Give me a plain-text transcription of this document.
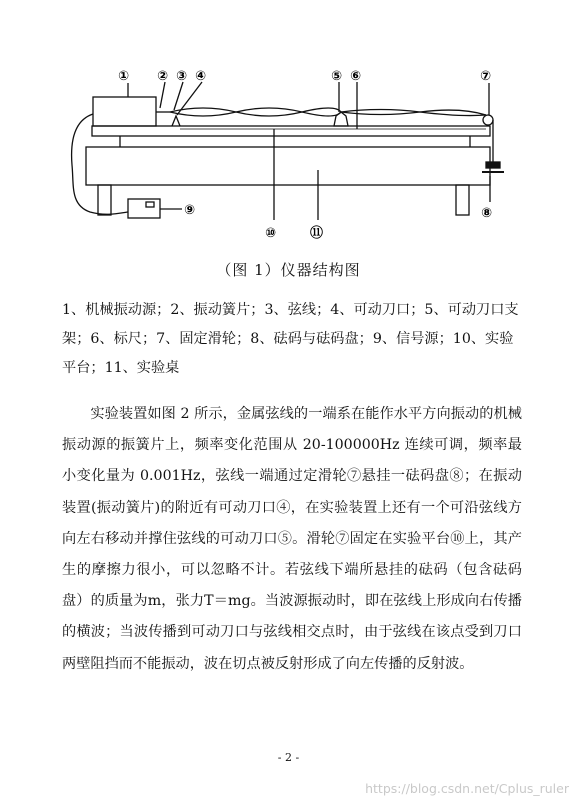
① ② ③ ④	⑤ ⑥	⑦
⑧
⑨
⑩	⑪
（图 1）仪器结构图

1、机械振动源；2、振动簧片；3、弦线；4、可动刀口；5、可动刀口支架；6、标尺；7、固定滑轮；8、砝码与砝码盘；9、信号源；10、实验平台；11、实验桌

实验装置如图 2 所示，金属弦线的一端系在能作水平方向振动的机械振动源的振簧片上，频率变化范围从 20-100000Hz 连续可调，频率最小变化量为 0.001Hz，弦线一端通过定滑轮⑦悬挂一砝码盘⑧；在振动装置(振动簧片)的附近有可动刀口④，在实验装置上还有一个可沿弦线方向左右移动并撑住弦线的可动刀口⑤。滑轮⑦固定在实验平台⑩上，其产生的摩擦力很小，可以忽略不计。若弦线下端所悬挂的砝码（包含砝码盘）的质量为m，张力T＝mg。当波源振动时，即在弦线上形成向右传播的横波；当波传播到可动刀口与弦线相交点时，由于弦线在该点受到刀口两壁阻挡而不能振动，波在切点被反射形成了向左传播的反射波。

- 2 -
https://blog.csdn.net/Cplus_ruler
